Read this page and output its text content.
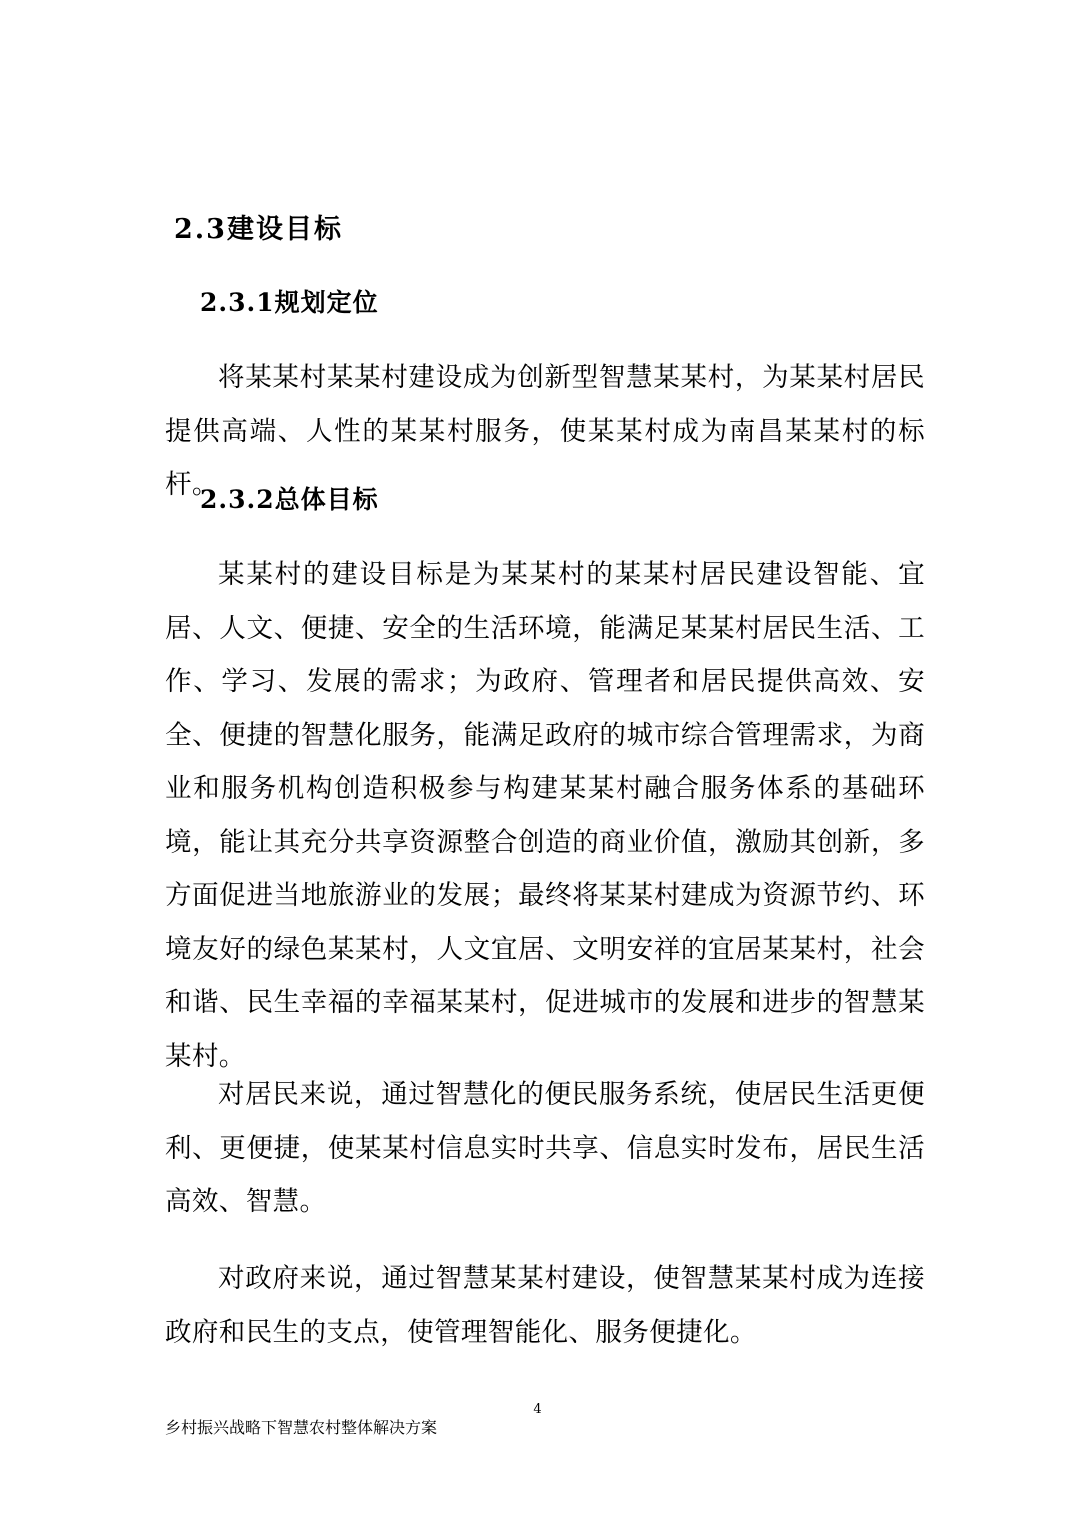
2.3建设目标
2.3.1规划定位

将某某村某某村建设成为创新型智慧某某村，为某某村居民提供高端、人性的某某村服务，使某某村成为南昌某某村的标杆。

2.3.2总体目标

某某村的建设目标是为某某村的某某村居民建设智能、宜居、人文、便捷、安全的生活环境，能满足某某村居民生活、工作、学习、发展的需求；为政府、管理者和居民提供高效、安全、便捷的智慧化服务，能满足政府的城市综合管理需求，为商业和服务机构创造积极参与构建某某村融合服务体系的基础环境，能让其充分共享资源整合创造的商业价值，激励其创新，多方面促进当地旅游业的发展；最终将某某村建成为资源节约、环境友好的绿色某某村，人文宜居、文明安祥的宜居某某村，社会和谐、民生幸福的幸福某某村，促进城市的发展和进步的智慧某某村。

对居民来说，通过智慧化的便民服务系统，使居民生活更便利、更便捷，使某某村信息实时共享、信息实时发布，居民生活高效、智慧。

对政府来说，通过智慧某某村建设，使智慧某某村成为连接政府和民生的支点，使管理智能化、服务便捷化。

4
乡村振兴战略下智慧农村整体解决方案
